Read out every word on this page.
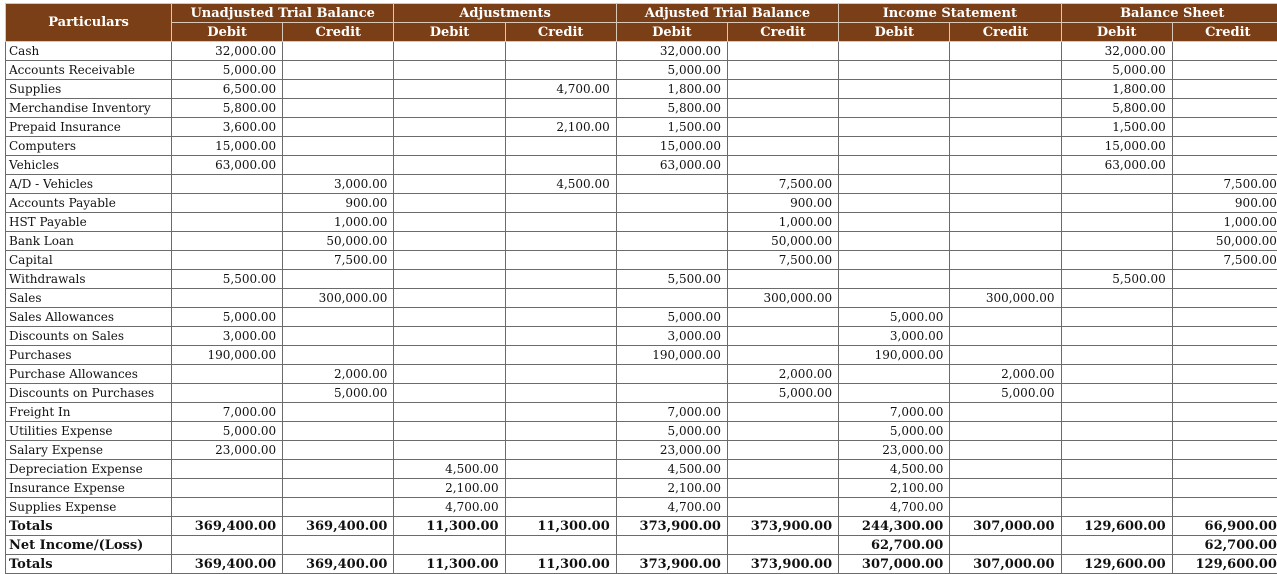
Particulars	Unadjusted Trial Balance		Adjustments		Adjusted Trial Balance		Income Statement		Balance Sheet	
	Debit	Credit	Debit	Credit	Debit	Credit	Debit	Credit	Debit	Credit
Cash	32,000.00				32,000.00				32,000.00	
Accounts Receivable	5,000.00				5,000.00				5,000.00	
Supplies	6,500.00			4,700.00	1,800.00				1,800.00	
Merchandise Inventory	5,800.00				5,800.00				5,800.00	
Prepaid Insurance	3,600.00			2,100.00	1,500.00				1,500.00	
Computers	15,000.00				15,000.00				15,000.00	
Vehicles	63,000.00				63,000.00				63,000.00	
A/D - Vehicles		3,000.00		4,500.00		7,500.00				7,500.00
Accounts Payable		900.00				900.00				900.00
HST Payable		1,000.00				1,000.00				1,000.00
Bank Loan		50,000.00				50,000.00				50,000.00
Capital		7,500.00				7,500.00				7,500.00
Withdrawals	5,500.00				5,500.00				5,500.00	
Sales		300,000.00				300,000.00		300,000.00		
Sales Allowances	5,000.00				5,000.00		5,000.00			
Discounts on Sales	3,000.00				3,000.00		3,000.00			
Purchases	190,000.00				190,000.00		190,000.00			
Purchase Allowances		2,000.00				2,000.00		2,000.00		
Discounts on Purchases		5,000.00				5,000.00		5,000.00		
Freight In	7,000.00				7,000.00		7,000.00			
Utilities Expense	5,000.00				5,000.00		5,000.00			
Salary Expense	23,000.00				23,000.00		23,000.00			
Depreciation Expense			4,500.00		4,500.00		4,500.00			
Insurance Expense			2,100.00		2,100.00		2,100.00			
Supplies Expense			4,700.00		4,700.00		4,700.00			
Totals	369,400.00	369,400.00	11,300.00	11,300.00	373,900.00	373,900.00	244,300.00	307,000.00	129,600.00	66,900.00
Net Income/(Loss)							62,700.00			62,700.00
Totals	369,400.00	369,400.00	11,300.00	11,300.00	373,900.00	373,900.00	307,000.00	307,000.00	129,600.00	129,600.00
